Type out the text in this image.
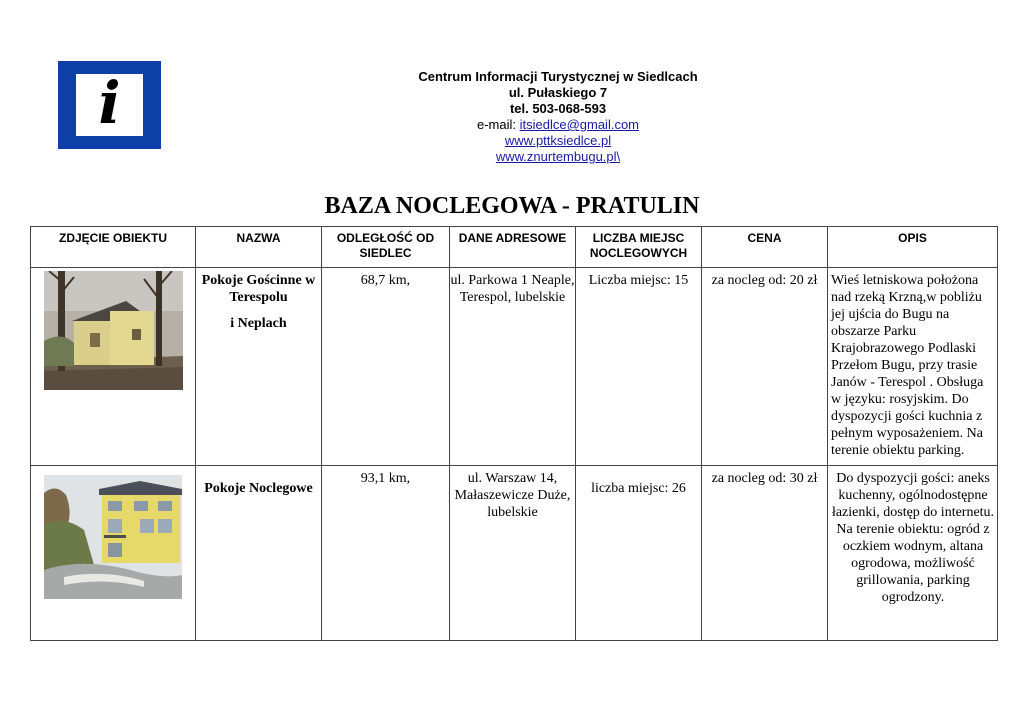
i	Centrum Informacji Turystycznej w Siedlcach
ul. Pułaskiego 7
tel. 503-068-593
e-mail: itsiedlce@gmail.com
www.pttksiedlce.pl
www.znurtembugu.pl\
BAZA NOCLEGOWA - PRATULIN
ZDJĘCIE OBIEKTU	NAZWA	ODLEGŁOŚĆ OD SIEDLEC	DANE ADRESOWE	LICZBA MIEJSC NOCLEGOWYCH	CENA	OPIS

Pokoje Gościnne w Terespolu
i Neplach	68,7 km,	ul. Parkowa 1 Neaple, Terespol, lubelskie	Liczba miejsc: 15	za nocleg od: 20 zł	Wieś letniskowa położona nad rzeką Krzną,w pobliżu jej ujścia do Bugu na obszarze Parku Krajobrazowego Podlaski Przełom Bugu, przy trasie Janów - Terespol . Obsługa w języku: rosyjskim. Do dyspozycji gości kuchnia z pełnym wyposażeniem. Na terenie obiektu parking.

Pokoje Noclegowe	93,1 km,	ul. Warszaw 14, Małaszewicze Duże, lubelskie	liczba miejsc: 26	za nocleg od: 30 zł	Do dyspozycji gości: aneks kuchenny, ogólnodostępne łazienki, dostęp do internetu. Na terenie obiektu: ogród z oczkiem wodnym, altana ogrodowa, możliwość grillowania, parking ogrodzony.
